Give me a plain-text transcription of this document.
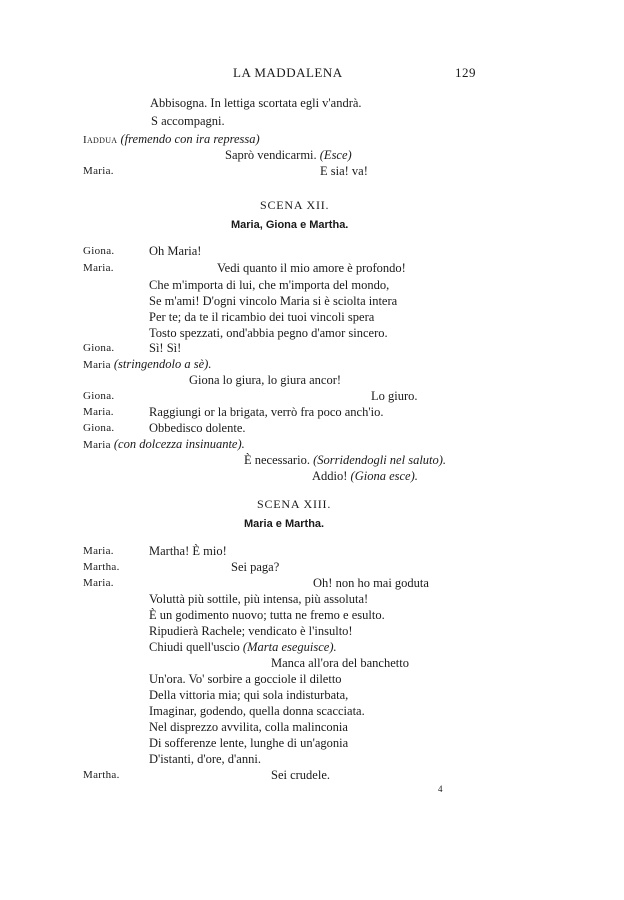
LA MADDALENA	129
Abbisogna. In lettiga scortata egli v'andrà.
S accompagni.
Iaddua (fremendo con ira repressa)
Saprò vendicarmi. (Esce)
Maria.	E sia! va!
SCENA XII.
Maria, Giona e Martha.
Giona.	Oh Maria!
Maria.	Vedi quanto il mio amore è profondo!
Che m'importa di lui, che m'importa del mondo,
Se m'ami! D'ogni vincolo Maria si è sciolta intera
Per te; da te il ricambio dei tuoi vincoli spera
Tosto spezzati, ond'abbia pegno d'amor sincero.
Giona.	Sì! Sì!
Maria (stringendolo a sè).
Giona lo giura, lo giura ancor!
Giona.	Lo giuro.
Maria.	Raggiungi or la brigata, verrò fra poco anch'io.
Giona.	Obbedisco dolente.
Maria (con dolcezza insinuante).
È necessario. (Sorridendogli nel saluto).
Addio! (Giona esce).
SCENA XIII.
Maria e Martha.
Maria.	Martha! È mio!
Martha.	Sei paga?
Maria.	Oh! non ho mai goduta
Voluttà più sottile, più intensa, più assoluta!
È un godimento nuovo; tutta ne fremo e esulto.
Ripudierà Rachele; vendicato è l'insulto!
Chiudi quell'uscio (Marta eseguisce).
Manca all'ora del banchetto
Un'ora. Vo' sorbire a gocciole il diletto
Della vittoria mia; qui sola indisturbata,
Imaginar, godendo, quella donna scacciata.
Nel disprezzo avvilita, colla malinconia
Di sofferenze lente, lunghe di un'agonia
D'istanti, d'ore, d'anni.
Martha.	Sei crudele.
4
